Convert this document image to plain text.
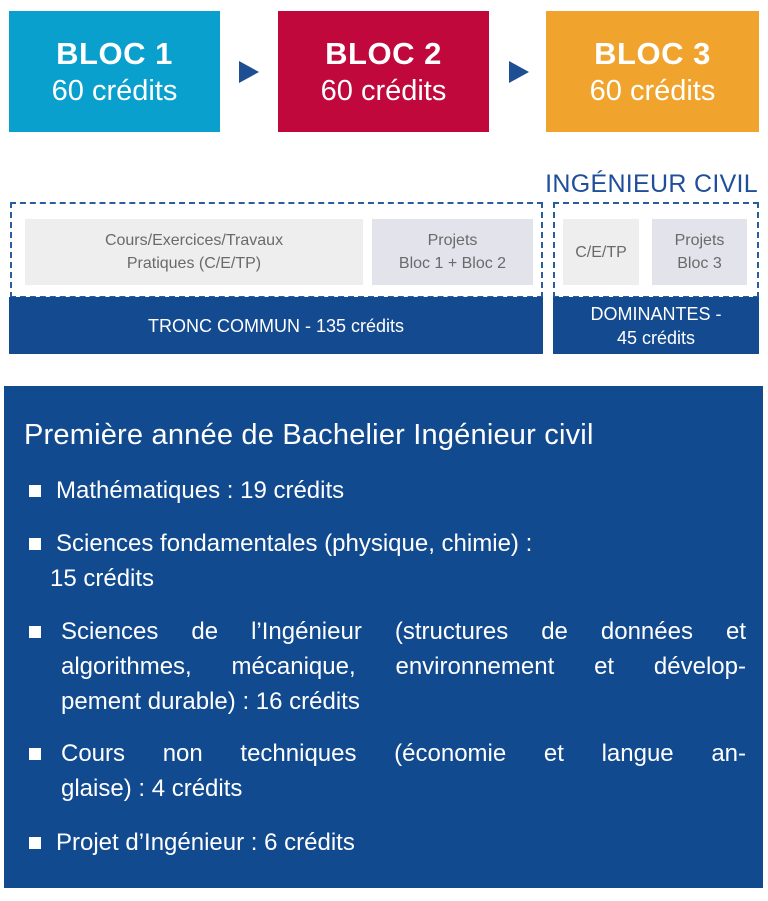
BLOC 1
60 crédits
BLOC 2
60 crédits
BLOC 3
60 crédits
INGÉNIEUR CIVIL
Cours/Exercices/Travaux
Pratiques (C/E/TP)
Projets
Bloc 1 + Bloc 2
TRONC COMMUN - 135 crédits
C/E/TP
Projets
Bloc 3
DOMINANTES -
45 crédits
Première année de Bachelier Ingénieur civil
Mathématiques : 19 crédits
Sciences fondamentales (physique, chimie) :
15 crédits
Sciences de l’Ingénieur (structures de données et
algorithmes, mécanique, environnement et dévelop-
pement durable) : 16 crédits
Cours non techniques (économie et langue an-
glaise) : 4 crédits
Projet d’Ingénieur : 6 crédits
